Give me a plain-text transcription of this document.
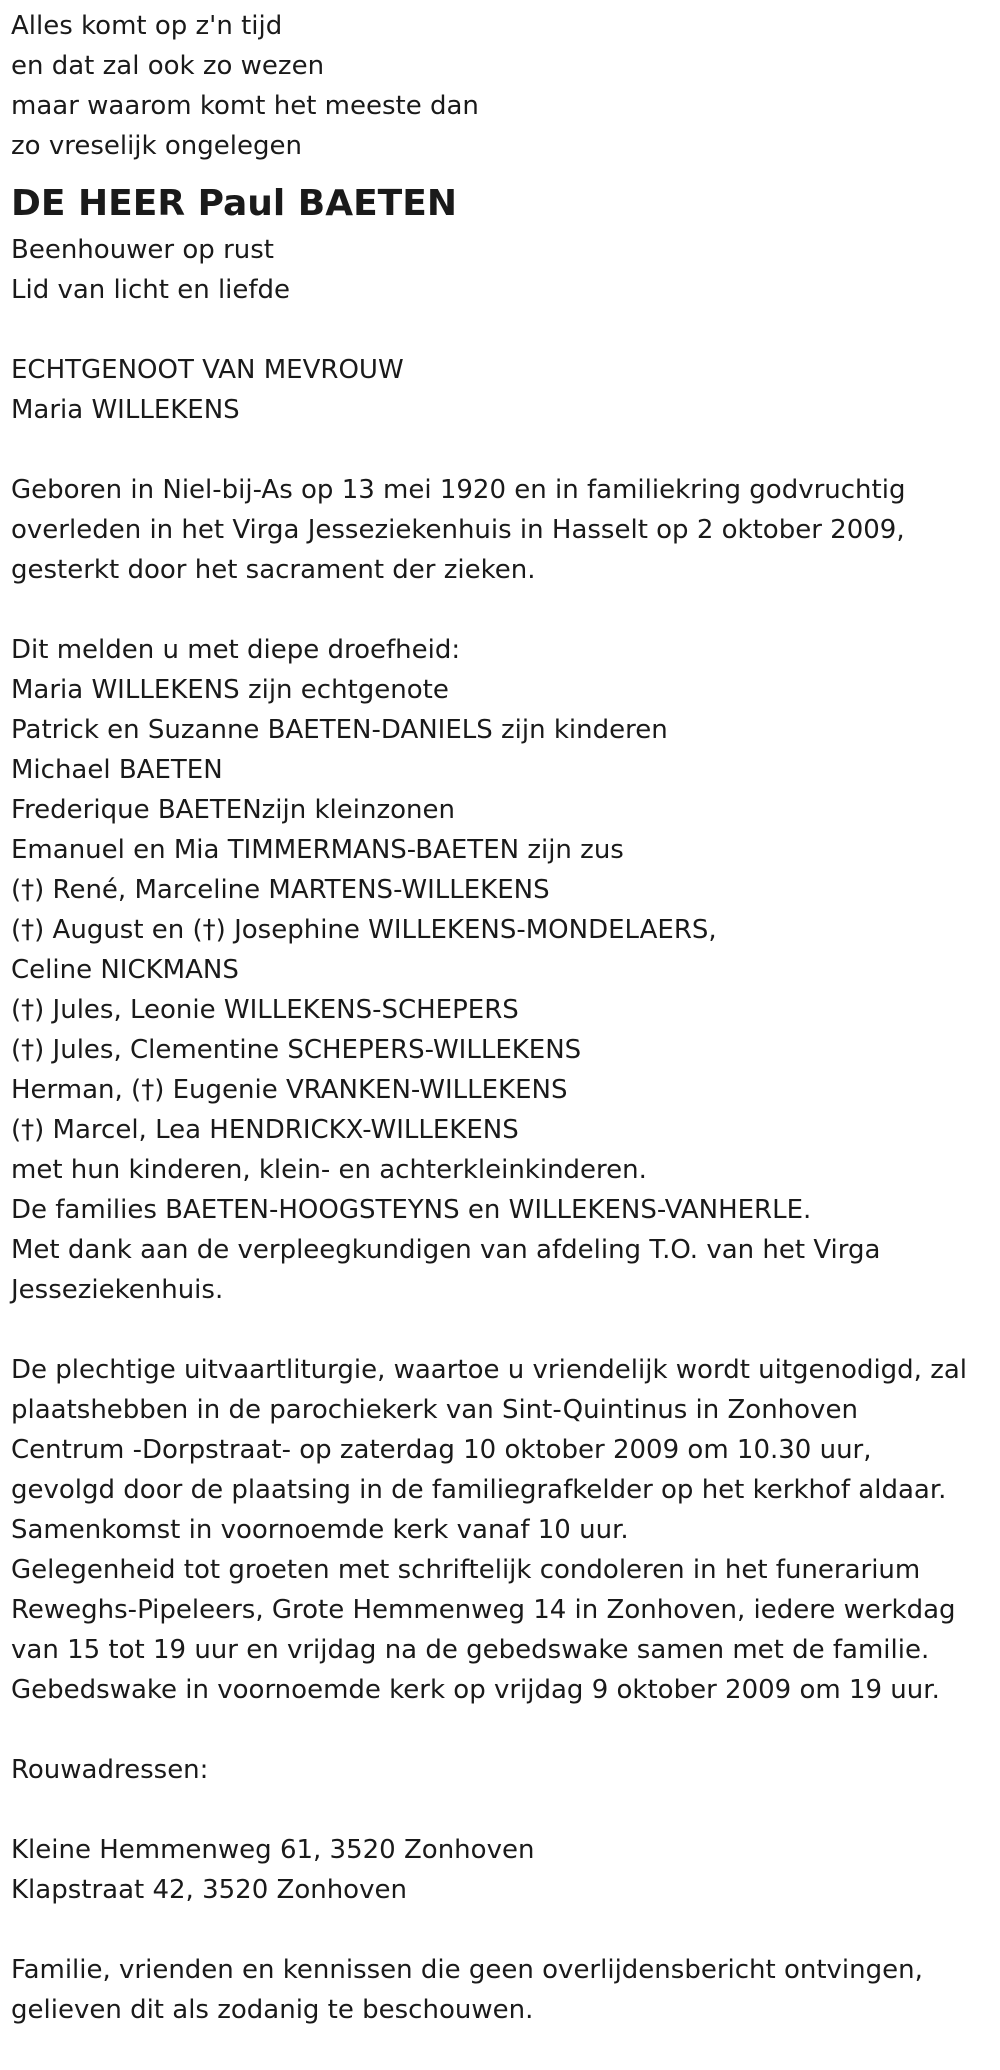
Alles komt op z'n tijd
en dat zal ook zo wezen
maar waarom komt het meeste dan
zo vreselijk ongelegen
DE HEER Paul BAETEN
Beenhouwer op rust
Lid van licht en liefde
ECHTGENOOT VAN MEVROUW
Maria WILLEKENS
Geboren in Niel-bij-As op 13 mei 1920 en in familiekring godvruchtig
overleden in het Virga Jesseziekenhuis in Hasselt op 2 oktober 2009,
gesterkt door het sacrament der zieken.
Dit melden u met diepe droefheid:
Maria WILLEKENS zijn echtgenote
Patrick en Suzanne BAETEN-DANIELS zijn kinderen
Michael BAETEN
Frederique BAETENzijn kleinzonen
Emanuel en Mia TIMMERMANS-BAETEN zijn zus
(†) René, Marceline MARTENS-WILLEKENS
(†) August en (†) Josephine WILLEKENS-MONDELAERS,
Celine NICKMANS
(†) Jules, Leonie WILLEKENS-SCHEPERS
(†) Jules, Clementine SCHEPERS-WILLEKENS
Herman, (†) Eugenie VRANKEN-WILLEKENS
(†) Marcel, Lea HENDRICKX-WILLEKENS
met hun kinderen, klein- en achterkleinkinderen.
De families BAETEN-HOOGSTEYNS en WILLEKENS-VANHERLE.
Met dank aan de verpleegkundigen van afdeling T.O. van het Virga
Jesseziekenhuis.
De plechtige uitvaartliturgie, waartoe u vriendelijk wordt uitgenodigd, zal
plaatshebben in de parochiekerk van Sint-Quintinus in Zonhoven
Centrum -Dorpstraat- op zaterdag 10 oktober 2009 om 10.30 uur,
gevolgd door de plaatsing in de familiegrafkelder op het kerkhof aldaar.
Samenkomst in voornoemde kerk vanaf 10 uur.
Gelegenheid tot groeten met schriftelijk condoleren in het funerarium
Reweghs-Pipeleers, Grote Hemmenweg 14 in Zonhoven, iedere werkdag
van 15 tot 19 uur en vrijdag na de gebedswake samen met de familie.
Gebedswake in voornoemde kerk op vrijdag 9 oktober 2009 om 19 uur.
Rouwadressen:
Kleine Hemmenweg 61, 3520 Zonhoven
Klapstraat 42, 3520 Zonhoven
Familie, vrienden en kennissen die geen overlijdensbericht ontvingen,
gelieven dit als zodanig te beschouwen.
